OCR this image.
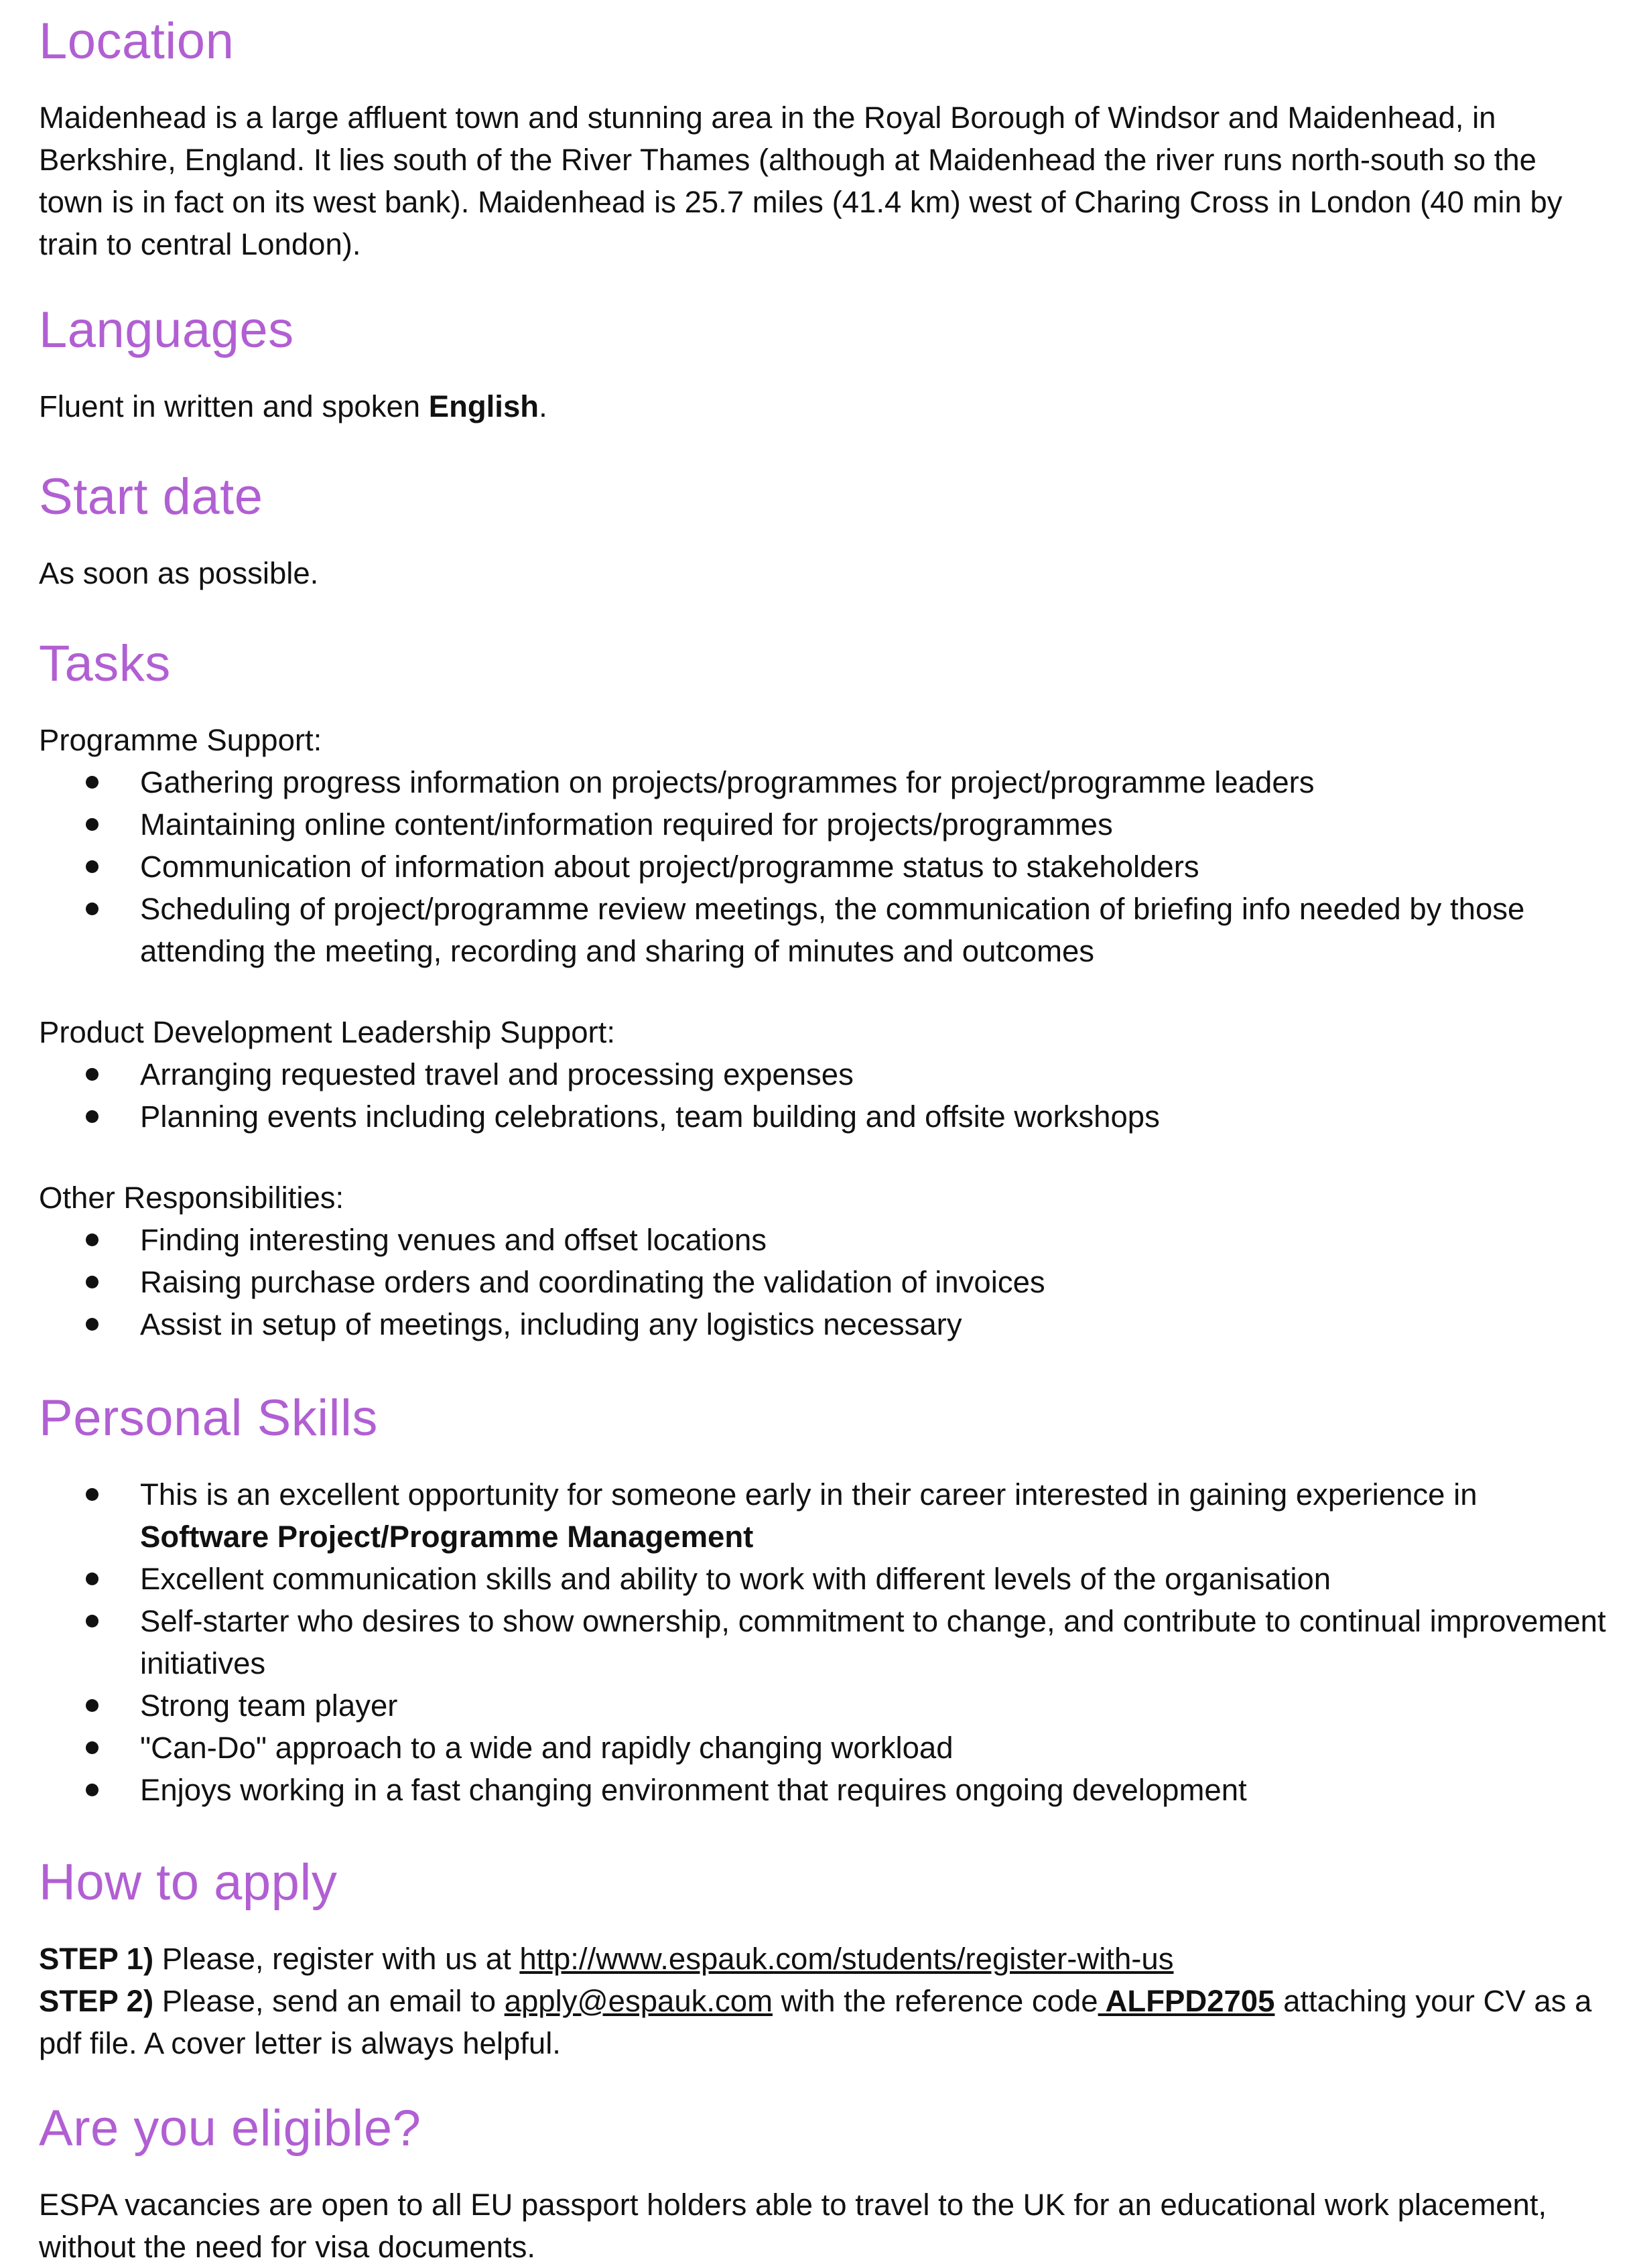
Location

Maidenhead is a large affluent town and stunning area in the Royal Borough of Windsor and Maidenhead, in Berkshire, England. It lies south of the River Thames (although at Maidenhead the river runs north-south so the town is in fact on its west bank). Maidenhead is 25.7 miles (41.4 km) west of Charing Cross in London (40 min by train to central London).

Languages

Fluent in written and spoken English.

Start date

As soon as possible.

Tasks

Programme Support:

Gathering progress information on projects/programmes for project/programme leaders
Maintaining online content/information required for projects/programmes
Communication of information about project/programme status to stakeholders
Scheduling of project/programme review meetings, the communication of briefing info needed by those attending the meeting, recording and sharing of minutes and outcomes

Product Development Leadership Support:

Arranging requested travel and processing expenses
Planning events including celebrations, team building and offsite workshops

Other Responsibilities:

Finding interesting venues and offset locations
Raising purchase orders and coordinating the validation of invoices
Assist in setup of meetings, including any logistics necessary
Personal Skills
This is an excellent opportunity for someone early in their career interested in gaining experience in Software Project/Programme Management
Excellent communication skills and ability to work with different levels of the organisation
Self-starter who desires to show ownership, commitment to change, and contribute to continual improvement initiatives
Strong team player
"Can-Do" approach to a wide and rapidly changing workload
Enjoys working in a fast changing environment that requires ongoing development
How to apply

STEP 1) Please, register with us at http://www.espauk.com/students/register-with-us

STEP 2) Please, send an email to apply@espauk.com with the reference code ALFPD2705 attaching your CV as a pdf file. A cover letter is always helpful.

Are you eligible?

ESPA vacancies are open to all EU passport holders able to travel to the UK for an educational work placement, without the need for visa documents.
